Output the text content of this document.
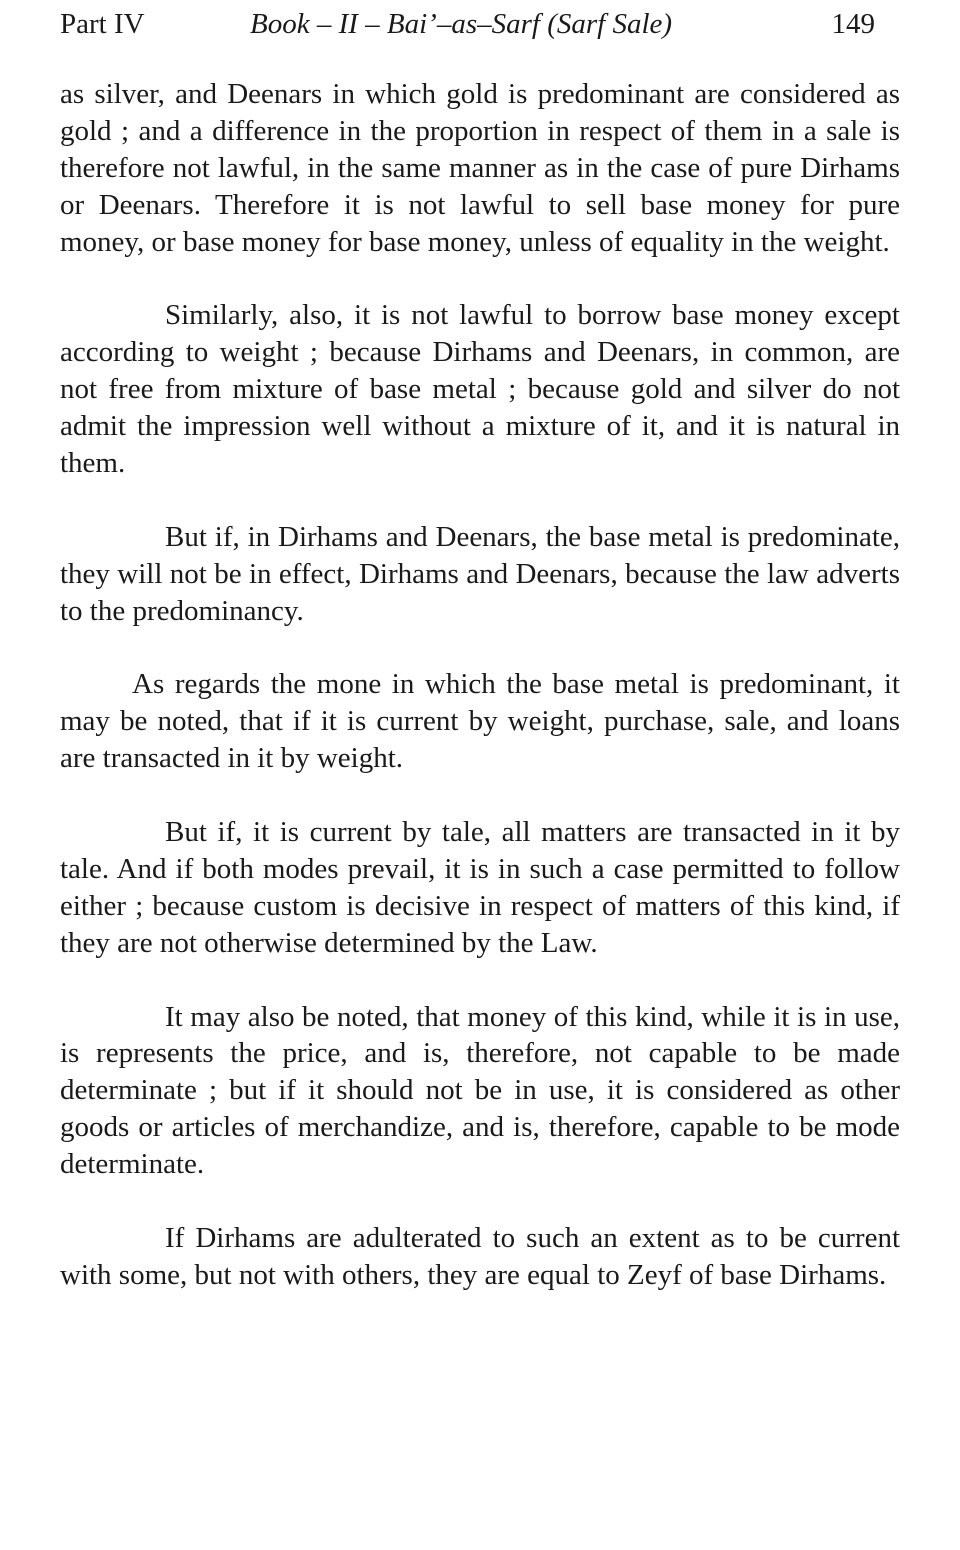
Part IV	Book – II – Bai’–as–Sarf (Sarf Sale)	149

as silver, and Deenars in which gold is predominant are considered as gold ; and a difference in the proportion in respect of them in a sale is therefore not lawful, in the same manner as in the case of pure Dirhams or Deenars. Therefore it is not lawful to sell base money for pure money, or base money for base money, unless of equality in the weight.

Similarly, also, it is not lawful to borrow base money except according to weight ; because Dirhams and Deenars, in common, are not free from mixture of base metal ; because gold and silver do not admit the impression well without a mixture of it, and it is natural in them.

But if, in Dirhams and Deenars, the base metal is predominate, they will not be in effect, Dirhams and Deenars, because the law adverts to the predominancy.

As regards the mone in which the base metal is predominant, it may be noted, that if it is current by weight, purchase, sale, and loans are transacted in it by weight.

But if, it is current by tale, all matters are transacted in it by tale. And if both modes prevail, it is in such a case permitted to follow either ; because custom is decisive in respect of matters of this kind, if they are not otherwise determined by the Law.

It may also be noted, that money of this kind, while it is in use, is represents the price, and is, therefore, not capable to be made determinate ; but if it should not be in use, it is considered as other goods or articles of merchandize, and is, therefore, capable to be mode determinate.

If Dirhams are adulterated to such an extent as to be current with some, but not with others, they are equal to Zeyf of base Dirhams.
